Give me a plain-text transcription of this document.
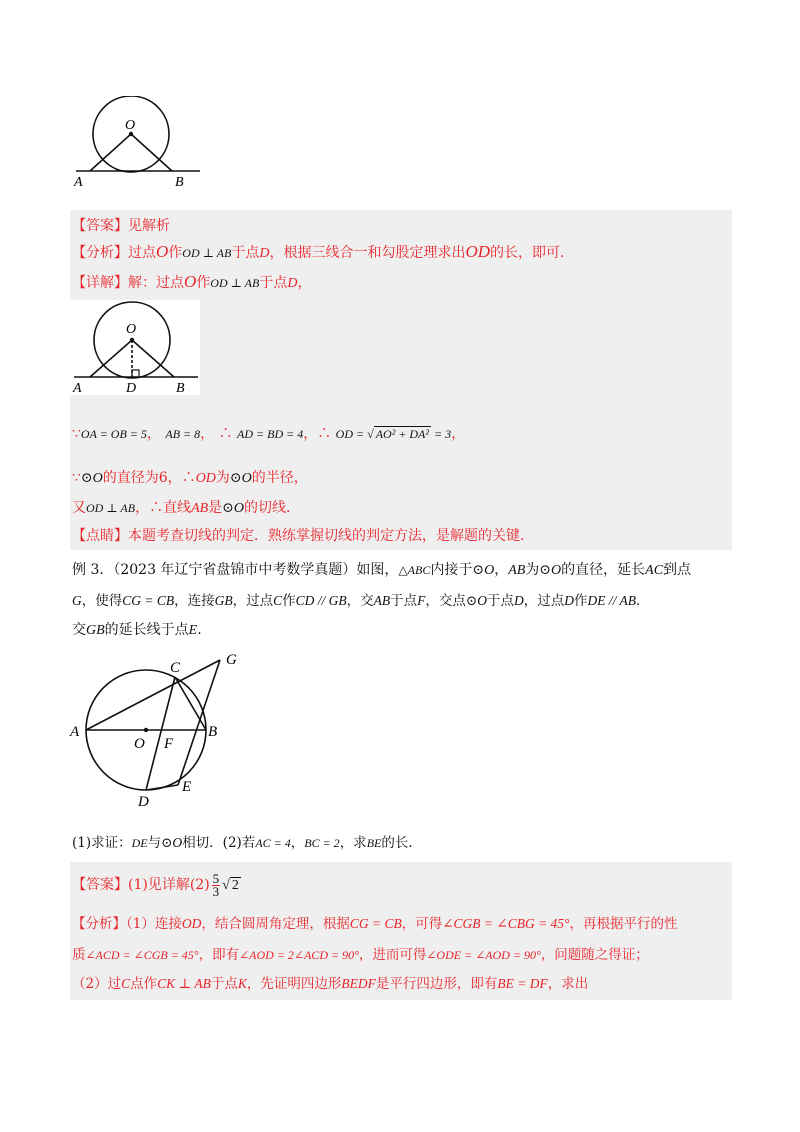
O
A	B
【答案】见解析
【分析】过点O作OD ⊥ AB于点D，根据三线合一和勾股定理求出OD的长，即可.
【详解】解：过点O作OD ⊥ AB于点D，
O
A	D	B
∵OA = OB = 5， AB = 8， ∴ AD = BD = 4，∴ OD = √ AO² + DA² = 3，
∵⊙O的直径为6，∴OD为⊙O的半径，
又OD ⊥ AB，∴直线AB是⊙O的切线.
【点睛】本题考查切线的判定．熟练掌握切线的判定方法，是解题的关键.
例 3．（2023 年辽宁省盘锦市中考数学真题）如图，△ABC内接于⊙O，AB为⊙O的直径，延长AC到点
G，使得CG = CB，连接GB，过点C作CD // GB，交AB于点F，交点⊙O于点D，过点D作DE // AB．
交GB的延长线于点E.
A	B
C	G
O F
D
E
(1)求证：DE与⊙O相切．(2)若AC = 4，BC = 2，求BE的长．
【答案】(1)见详解$(2) \frac{5}{3}$ √ 2
【分析】（1）连接OD，结合圆周角定理，根据CG = CB，可得∠CGB = ∠CBG = 45°，再根据平行的性
质∠ACD = ∠CGB = 45°，即有∠AOD = 2∠ACD = 90°，进而可得∠ODE = ∠AOD = 90°，问题随之得证；
（2）过C点作CK ⊥ AB于点K，先证明四边形BEDF是平行四边形，即有BE = DF，求出
